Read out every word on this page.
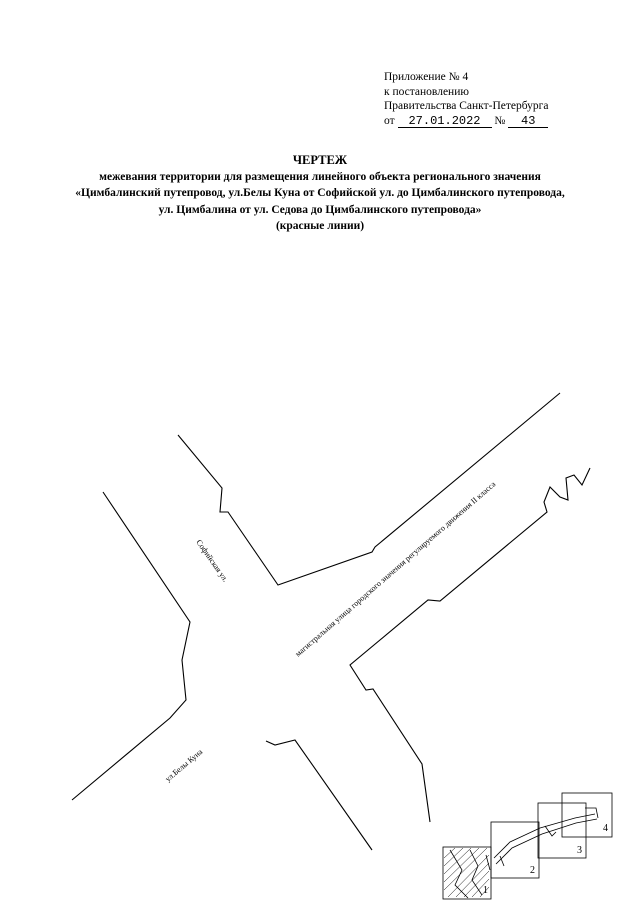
Приложение № 4
к постановлению
Правительства Санкт-Петербурга
от 27.01.2022 № 43
ЧЕРТЕЖ
межевания территории для размещения линейного объекта регионального значения
«Цимбалинский путепровод, ул.Белы Куна от Софийской ул. до Цимбалинского путепровода,
ул. Цимбалина от ул. Седова до Цимбалинского путепровода»
(красные линии)
Софийская ул.	магистральная улица городского значения регулируемого движения II класса
ул.Белы Куна
1
2
3
4
